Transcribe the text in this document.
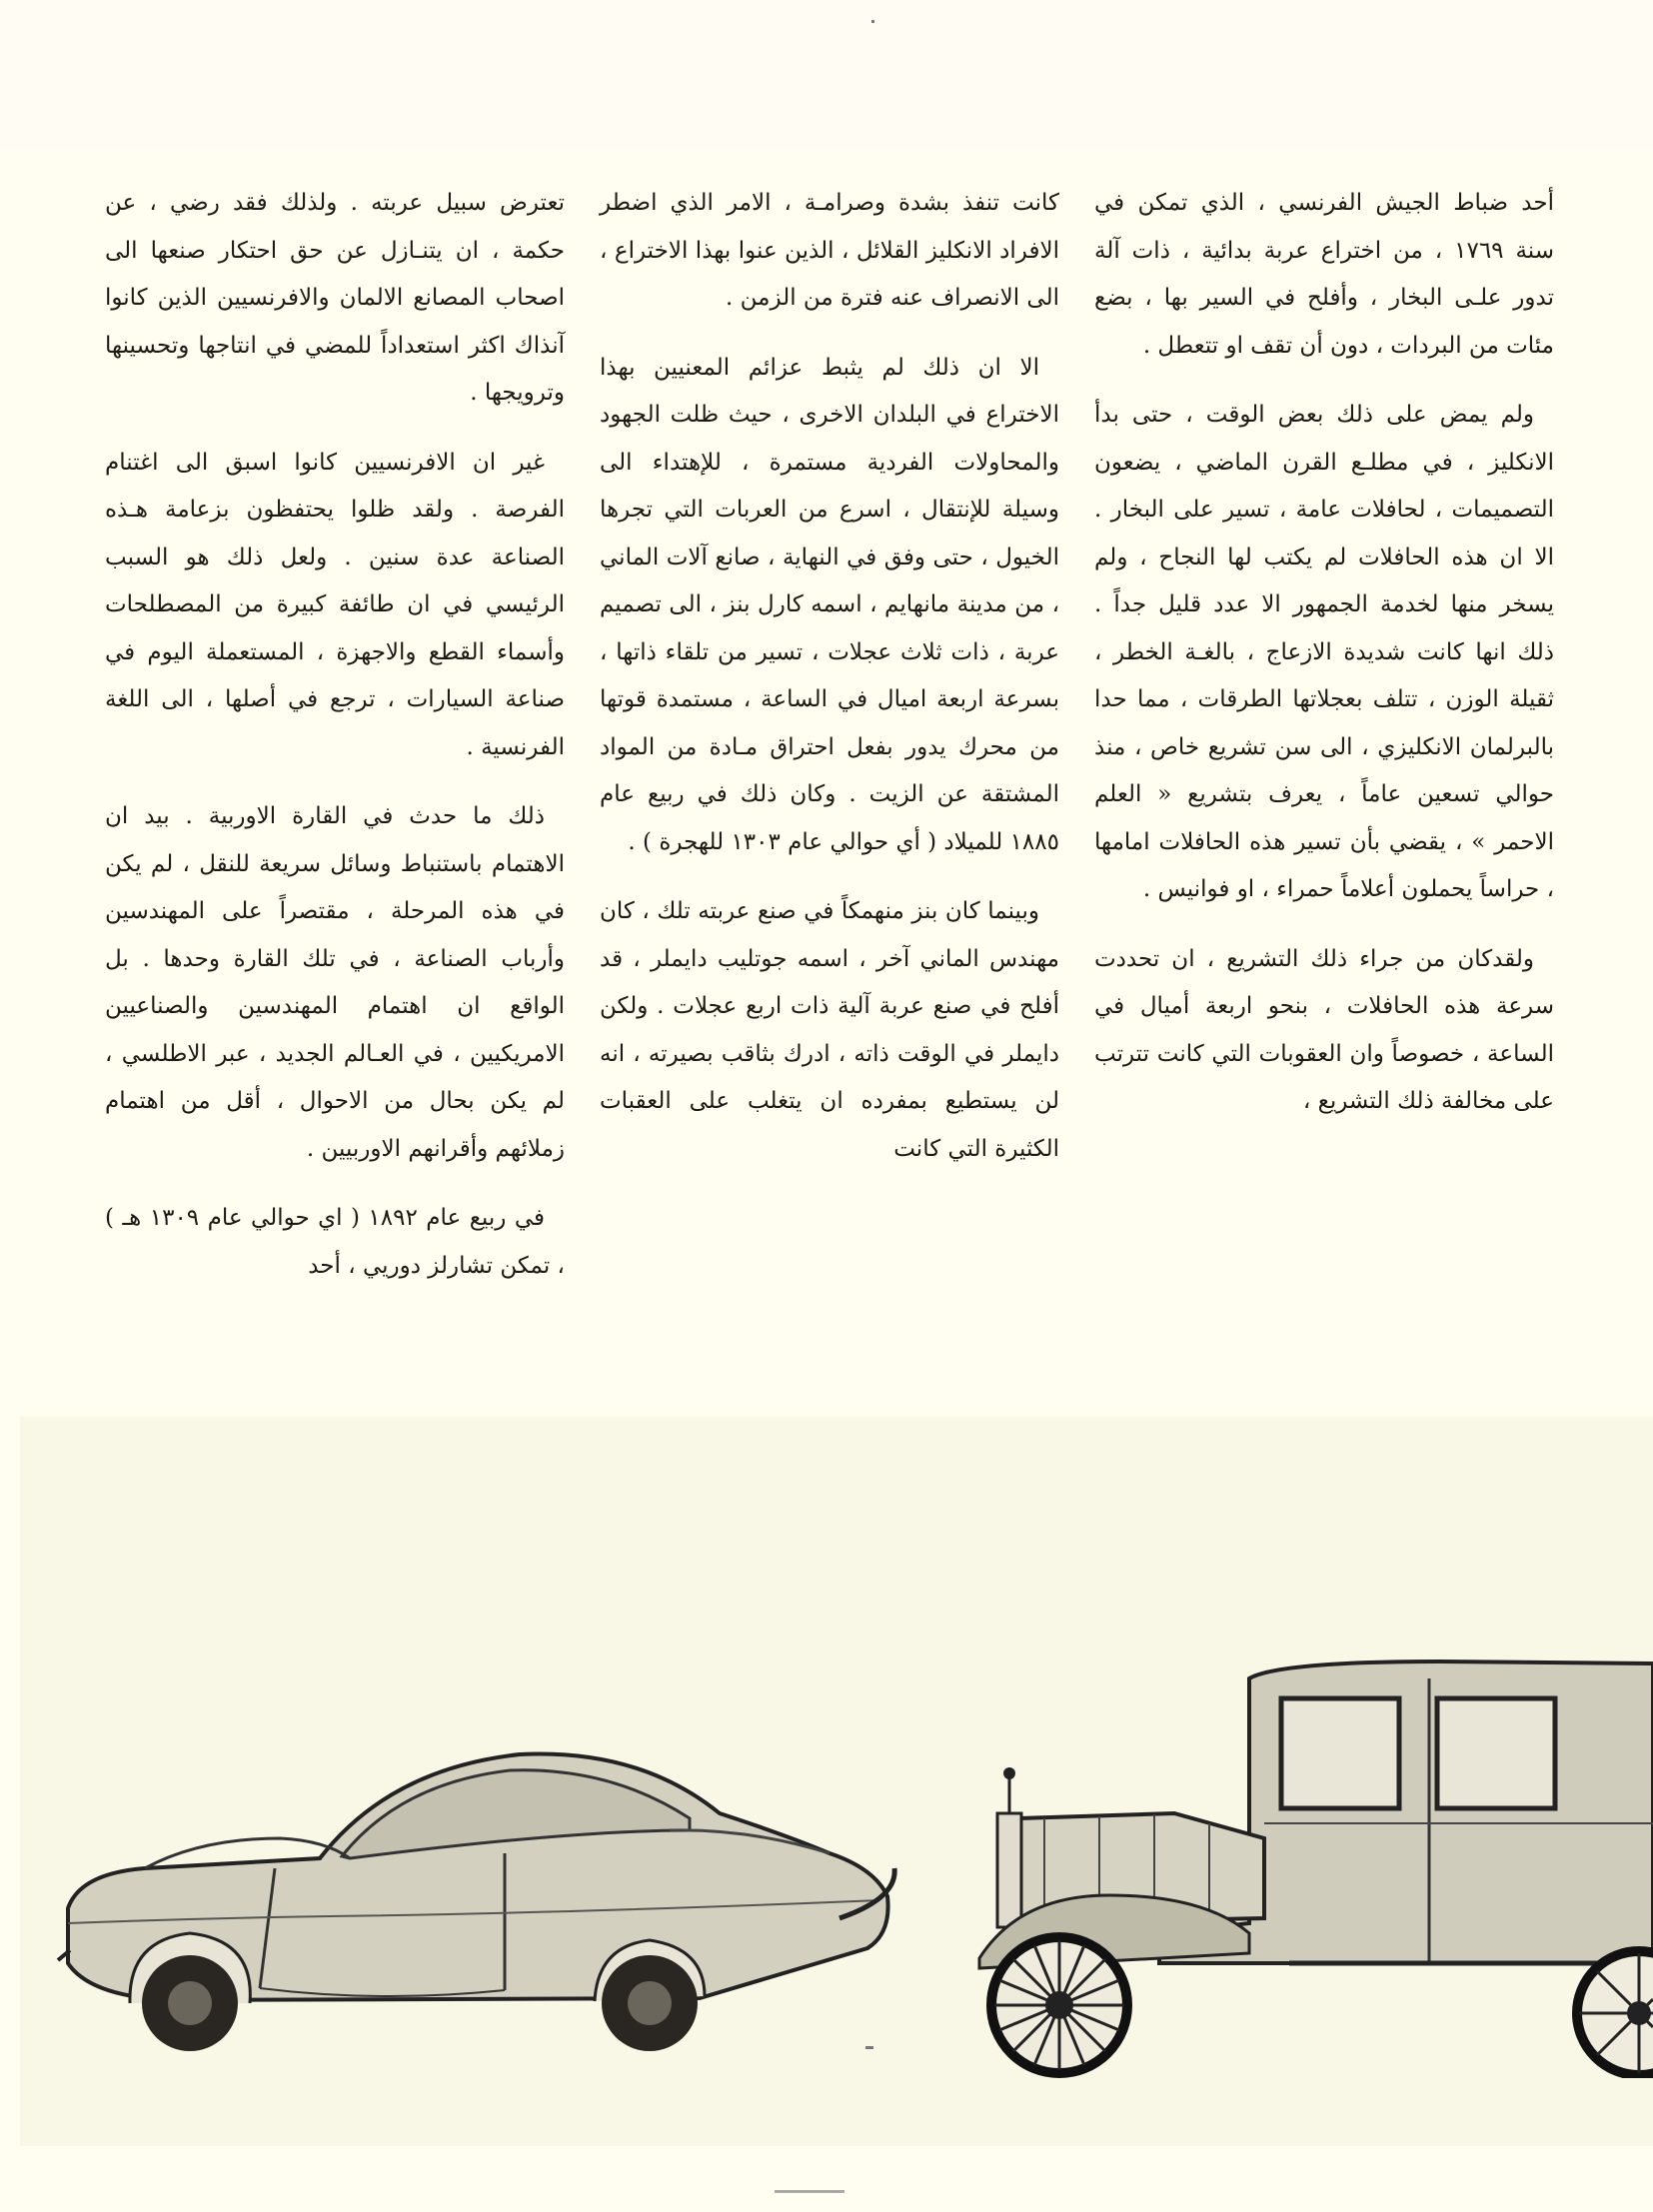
أحد ضباط الجيش الفرنسي ، الذي تمكن في سنة ١٧٦٩ ، من اختراع عربة بدائية ، ذات آلة تدور علـى البخار ، وأفلح في السير بها ، بضع مئات من البردات ، دون أن تقف او تتعطل .

ولم يمض على ذلك بعض الوقت ، حتى بدأ الانكليز ، في مطلـع القرن الماضي ، يضعون التصميمات ، لحافلات عامة ، تسير على البخار . الا ان هذه الحافلات لم يكتب لها النجاح ، ولم يسخر منها لخدمة الجمهور الا عدد قليل جداً . ذلك انها كانت شديدة الازعاج ، بالغـة الخطر ، ثقيلة الوزن ، تتلف بعجلاتها الطرقات ، مما حدا بالبرلمان الانكليزي ، الى سن تشريع خاص ، منذ حوالي تسعين عاماً ، يعرف بتشريع « العلم الاحمر » ، يقضي بأن تسير هذه الحافلات امامها ، حراساً يحملون أعلاماً حمراء ، او فوانيس .

ولقدكان من جراء ذلك التشريع ، ان تحددت سرعة هذه الحافلات ، بنحو اربعة أميال في الساعة ، خصوصاً وان العقوبات التي كانت تترتب على مخالفة ذلك التشريع ،

كانت تنفذ بشدة وصرامـة ، الامر الذي اضطر الافراد الانكليز القلائل ، الذين عنوا بهذا الاختراع ، الى الانصراف عنه فترة من الزمن .

الا ان ذلك لم يثبط عزائم المعنيين بهذا الاختراع في البلدان الاخرى ، حيث ظلت الجهود والمحاولات الفردية مستمرة ، للإهتداء الى وسيلة للإنتقال ، اسرع من العربات التي تجرها الخيول ، حتى وفق في النهاية ، صانع آلات الماني ، من مدينة مانهايم ، اسمه كارل بنز ، الى تصميم عربة ، ذات ثلاث عجلات ، تسير من تلقاء ذاتها ، بسرعة اربعة اميال في الساعة ، مستمدة قوتها من محرك يدور بفعل احتراق مـادة من المواد المشتقة عن الزيت . وكان ذلك في ربيع عام ١٨٨٥ للميلاد ( أي حوالي عام ١٣٠٣ للهجرة ) .

وبينما كان بنز منهمكاً في صنع عربته تلك ، كان مهندس الماني آخر ، اسمه جوتليب دايملر ، قد أفلح في صنع عربة آلية ذات اربع عجلات . ولكن دايملر في الوقت ذاته ، ادرك بثاقب بصيرته ، انه لن يستطيع بمفرده ان يتغلب على العقبات الكثيرة التي كانت

تعترض سبيل عربته . ولذلك فقد رضي ، عن حكمة ، ان يتنـازل عن حق احتكار صنعها الى اصحاب المصانع الالمان والافرنسيين الذين كانوا آنذاك اكثر استعداداً للمضي في انتاجها وتحسينها وترويجها .

غير ان الافرنسيين كانوا اسبق الى اغتنام الفرصة . ولقد ظلوا يحتفظون بزعامة هـذه الصناعة عدة سنين . ولعل ذلك هو السبب الرئيسي في ان طائفة كبيرة من المصطلحات وأسماء القطع والاجهزة ، المستعملة اليوم في صناعة السيارات ، ترجع في أصلها ، الى اللغة الفرنسية .

ذلك ما حدث في القارة الاوربية . بيد ان الاهتمام باستنباط وسائل سريعة للنقل ، لم يكن في هذه المرحلة ، مقتصراً على المهندسين وأرباب الصناعة ، في تلك القارة وحدها . بل الواقع ان اهتمام المهندسين والصناعيين الامريكيين ، في العـالم الجديد ، عبر الاطلسي ، لم يكن بحال من الاحوال ، أقل من اهتمام زملائهم وأقرانهم الاوربيين .

في ربيع عام ١٨٩٢ ( اي حوالي عام ١٣٠٩ هـ ) ، تمكن تشارلز دوريي ، أحد
